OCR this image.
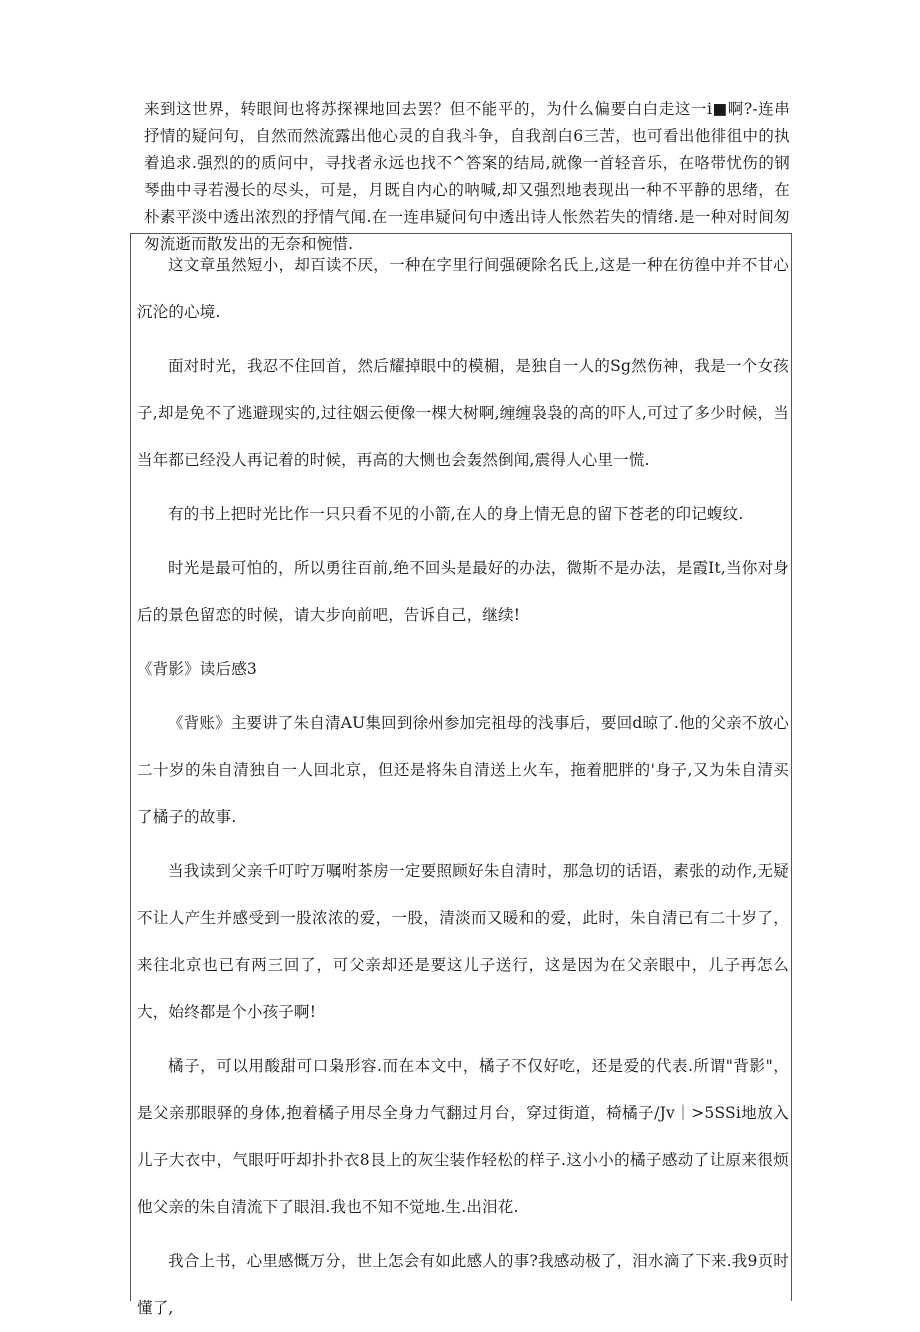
来到这世界，转眼间也将苏探裸地回去罢？但不能平的，为什么偏要白白走这一i■啊?-连串抒情的疑问句，自然而然流露出他心灵的自我斗争，自我剖白6三苦，也可看出他徘徂中的执着追求.强烈的的质问中，寻找者永远也找不^答案的结局,就像一首轻音乐，在咯带忧伤的钢琴曲中寻若漫长的尽头，可是，月既自内心的呐喊,却又强烈地表现出一种不平静的思绪，在朴素平淡中透出浓烈的抒情气闻.在一连串疑问句中透出诗人怅然若失的情绪.是一种对时间匆匆流逝而散发出的无奈和惋惜.

这文章虽然短小，却百读不厌，一种在字里行间强硬除名氏上,这是一种在彷徨中并不甘心沉沦的心境.

面对时光，我忍不住回首，然后耀掉眼中的模楣，是独自一人的Sg然伤神，我是一个女孩子,却是免不了逃避现实的,过往姻云便像一棵大树啊,缠缠袅袅的高的吓人,可过了多少时候，当当年都已经没人再记着的时候，再高的大恻也会轰然倒闻,震得人心里一慌.

有的书上把时光比作一只只看不见的小箭,在人的身上情无息的留下苍老的印记蝮纹.

时光是最可怕的，所以勇往百前,绝不回头是最好的办法，微斯不是办法，是霞It,当你对身后的景色留恋的时候，请大步向前吧，告诉自己，继续!

《背影》读后感3

《背账》主要讲了朱自清AU集回到徐州参加完祖母的浅事后，要回d晾了.他的父亲不放心二十岁的朱自清独自一人回北京，但还是将朱自清送上火车，拖着肥胖的'身子,又为朱自清买了橘子的故事.

当我读到父亲千叮咛万嘱咐茶房一定要照顾好朱自清时，那急切的话语，素张的动作,无疑不让人产生并感受到一股浓浓的爱，一股，清淡而又暖和的爱，此时，朱自清已有二十岁了，来往北京也已有两三回了，可父亲却还是要这儿子送行，这是因为在父亲眼中，儿子再怎么大，始终都是个小孩子啊!

橘子，可以用酸甜可口枭形容.而在本文中，橘子不仅好吃，还是爱的代表.所谓"背影"，是父亲那眼驿的身体,抱着橘子用尽全身力气翻过月台，穿过街道，椅橘子/Jv｜>5SSi地放入儿子大衣中，气眼吁吁却扑扑衣8艮上的灰尘装作轻松的样子.这小小的橘子感动了让原来很烦他父亲的朱自清流下了眼泪.我也不知不觉地.生.出泪花.

我合上书，心里感慨万分，世上怎会有如此感人的事?我感动极了，泪水滴了下来.我9页时懂了,
